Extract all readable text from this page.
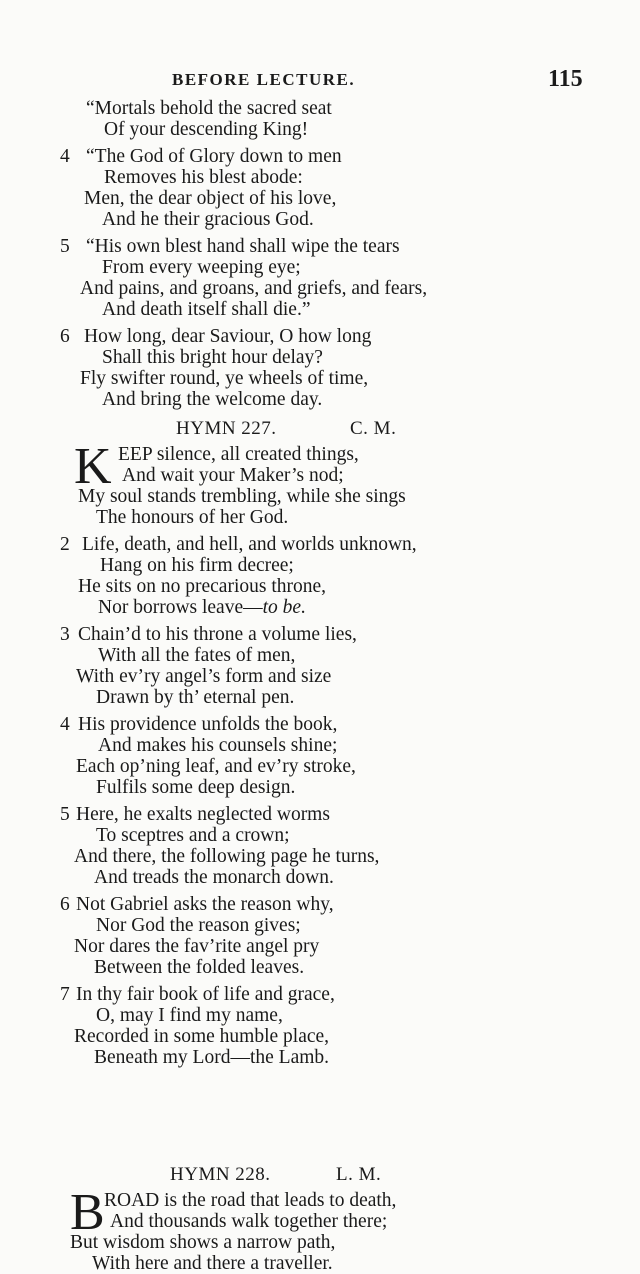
BEFORE LECTURE.	115
“Mortals behold the sacred seat
Of your descending King!
4 “The God of Glory down to men
Removes his blest abode:
Men, the dear object of his love,
And he their gracious God.
5 “His own blest hand shall wipe the tears
From every weeping eye;
And pains, and groans, and griefs, and fears,
And death itself shall die.”
6 How long, dear Saviour, O how long
Shall this bright hour delay?
Fly swifter round, ye wheels of time,
And bring the welcome day.
HYMN 227.	C. M.
K EEP silence, all created things,
And wait your Maker’s nod;
My soul stands trembling, while she sings
The honours of her God.
2 Life, death, and hell, and worlds unknown,
Hang on his firm decree;
He sits on no precarious throne,
Nor borrows leave—to be.
3 Chain’d to his throne a volume lies,
With all the fates of men,
With ev’ry angel’s form and size
Drawn by th’ eternal pen.
4 His providence unfolds the book,
And makes his counsels shine;
Each op’ning leaf, and ev’ry stroke,
Fulfils some deep design.
5 Here, he exalts neglected worms
To sceptres and a crown;
And there, the following page he turns,
And treads the monarch down.
6 Not Gabriel asks the reason why,
Nor God the reason gives;
Nor dares the fav’rite angel pry
Between the folded leaves.
7 In thy fair book of life and grace,
O, may I find my name,
Recorded in some humble place,
Beneath my Lord—the Lamb.
HYMN 228.	L. M.
B ROAD is the road that leads to death,
And thousands walk together there;
But wisdom shows a narrow path,
With here and there a traveller.
